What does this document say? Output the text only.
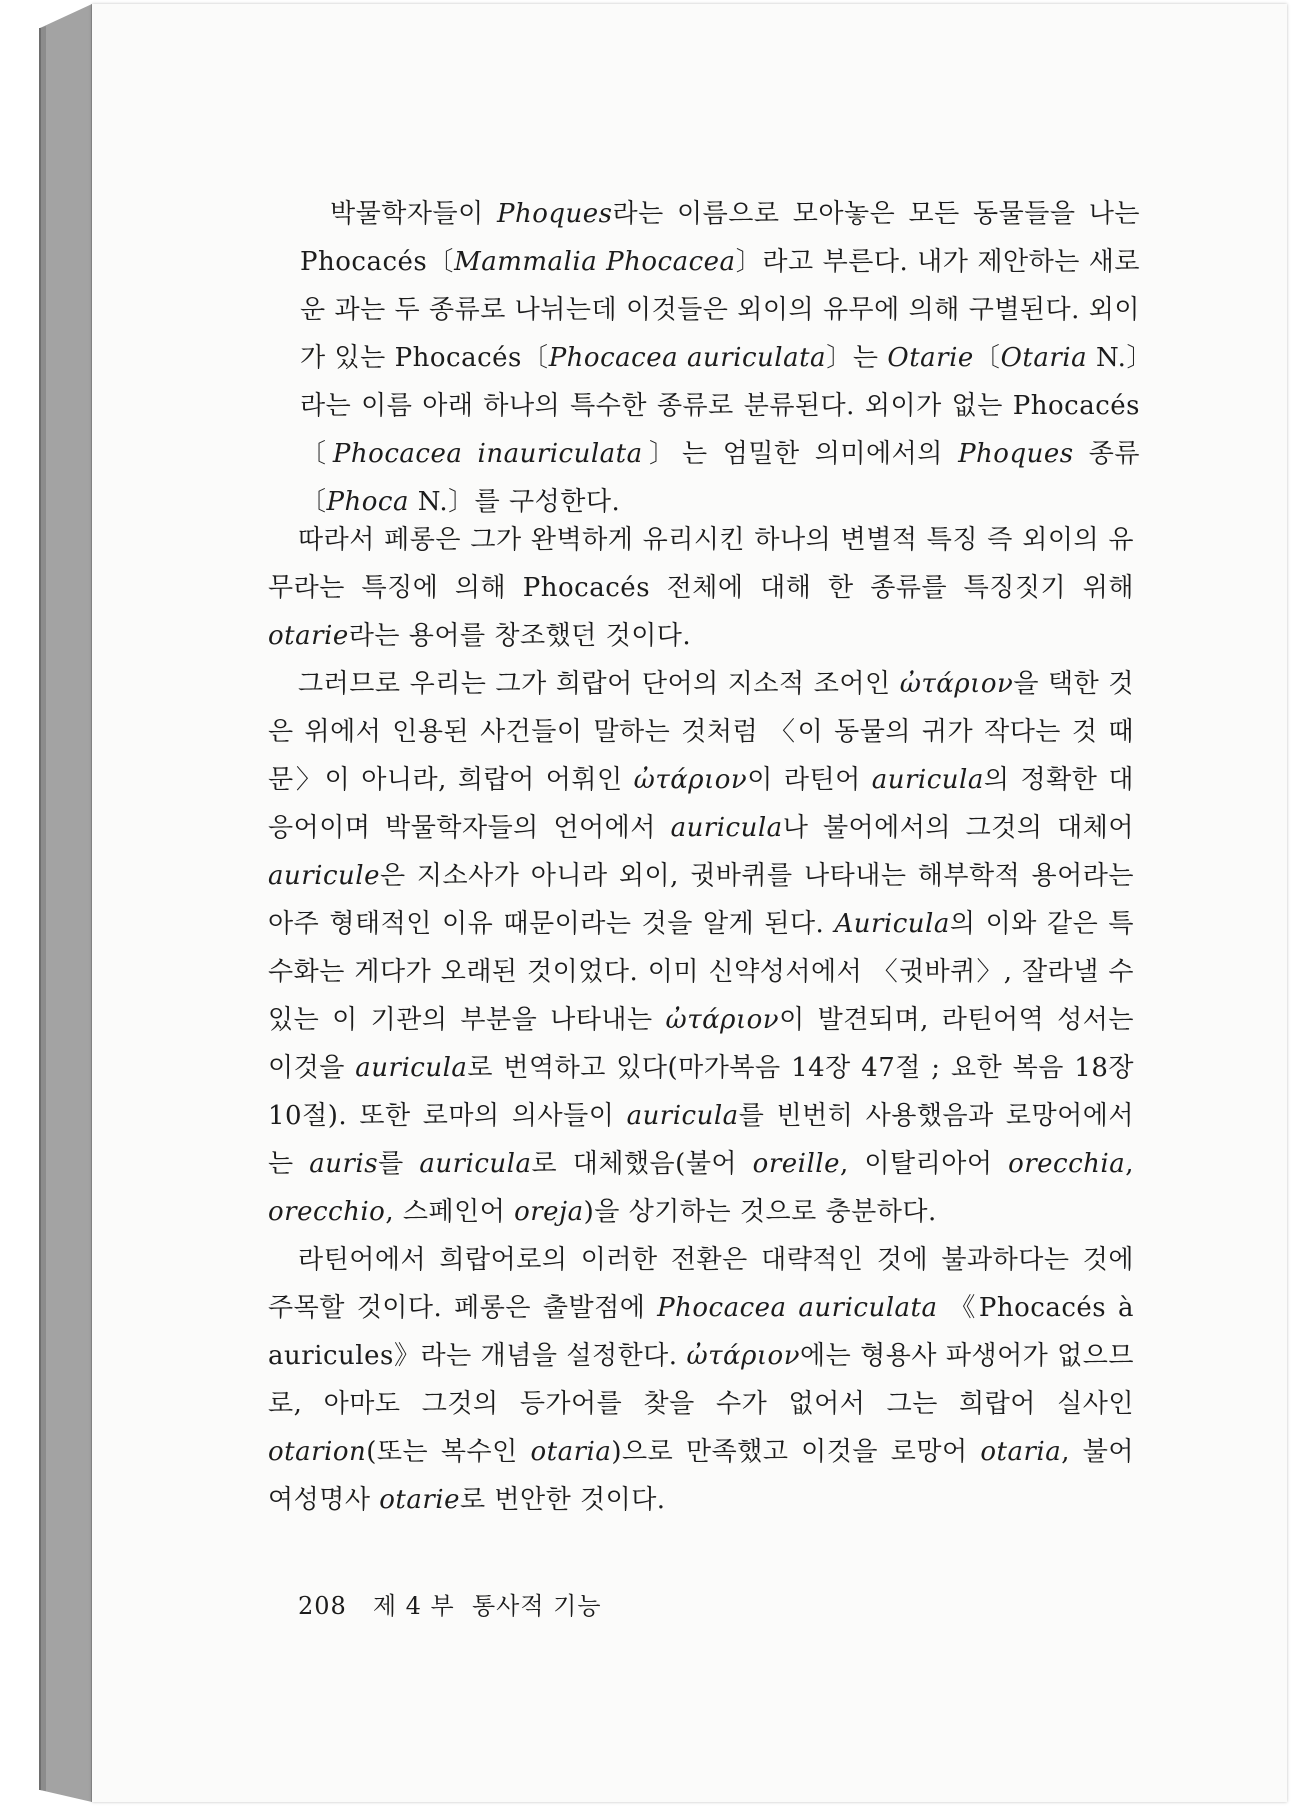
박물학자들이 Phoques라는 이름으로 모아놓은 모든 동물들을 나는 Phocacés〔Mammalia Phocacea〕라고 부른다. 내가 제안하는 새로운 과는 두 종류로 나뉘는데 이것들은 외이의 유무에 의해 구별된다. 외이가 있는 Phocacés〔Phocacea auriculata〕는 Otarie〔Otaria N.〕라는 이름 아래 하나의 특수한 종류로 분류된다. 외이가 없는 Phocacés〔Phocacea inauriculata〕는 엄밀한 의미에서의 Phoques 종류〔Phoca N.〕를 구성한다.

따라서 페롱은 그가 완벽하게 유리시킨 하나의 변별적 특징 즉 외이의 유무라는 특징에 의해 Phocacés 전체에 대해 한 종류를 특징짓기 위해 otarie라는 용어를 창조했던 것이다.

그러므로 우리는 그가 희랍어 단어의 지소적 조어인 ὠτάριον을 택한 것은 위에서 인용된 사건들이 말하는 것처럼 〈이 동물의 귀가 작다는 것 때문〉이 아니라, 희랍어 어휘인 ὠτάριον이 라틴어 auricula의 정확한 대응어이며 박물학자들의 언어에서 auricula나 불어에서의 그것의 대체어 auricule은 지소사가 아니라 외이, 귓바퀴를 나타내는 해부학적 용어라는 아주 형태적인 이유 때문이라는 것을 알게 된다. Auricula의 이와 같은 특수화는 게다가 오래된 것이었다. 이미 신약성서에서 〈귓바퀴〉, 잘라낼 수 있는 이 기관의 부분을 나타내는 ὠτάριον이 발견되며, 라틴어역 성서는 이것을 auricula로 번역하고 있다(마가복음 14장 47절 ; 요한 복음 18장 10절). 또한 로마의 의사들이 auricula를 빈번히 사용했음과 로망어에서는 auris를 auricula로 대체했음(불어 oreille, 이탈리아어 orecchia, orecchio, 스페인어 oreja)을 상기하는 것으로 충분하다.

라틴어에서 희랍어로의 이러한 전환은 대략적인 것에 불과하다는 것에 주목할 것이다. 페롱은 출발점에 Phocacea auriculata 《Phocacés à auricules》라는 개념을 설정한다. ὠτάριον에는 형용사 파생어가 없으므로, 아마도 그것의 등가어를 찾을 수가 없어서 그는 희랍어 실사인 otarion(또는 복수인 otaria)으로 만족했고 이것을 로망어 otaria, 불어 여성명사 otarie로 번안한 것이다.

208 제 4 부  통사적 기능
